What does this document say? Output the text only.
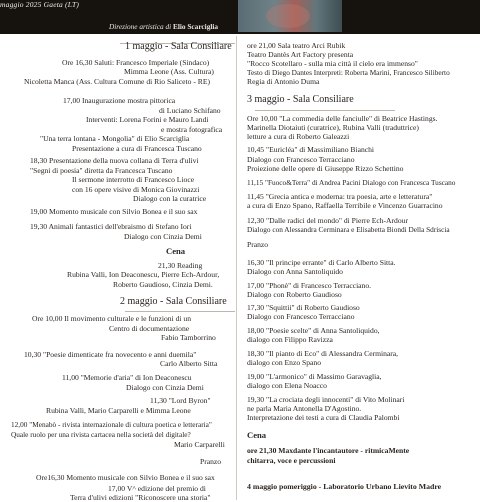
maggio 2025 Gaeta (LT)
Direzione artistica di Elio Scarciglia
1 maggio - Sala Consiliare
Ore 16,30 Saluti: Francesco Imperiale (Sindaco)
Mimma Leone (Ass. Cultura)
Nicoletta Manca (Ass. Cultura Comune di Rio Saliceto - RE)
17,00 Inaugurazione mostra pittorica
di Luciano Schifano
Interventi: Lorena Forini e Mauro Landi
e mostra fotografica
"Una terra lontana - Mongolia" di Elio Scarciglia
Presentazione a cura di Francesca Tuscano
18,30 Presentazione della nuova collana di Terra d'ulivi
"Segni di poesia" diretta da Francesca Tuscano
Il sermone interrotto di Francesco Lioce
con 16 opere visive di Monica Giovinazzi
Dialogo con la curatrice
19,00 Momento musicale con Silvio Bonea e il suo sax
19,30 Animali fantastici dell'ebraismo di Stefano Iori
Dialogo con Cinzia Demi
Cena
21,30 Reading
Rubina Valli, Ion Deaconescu, Pierre Ech-Ardour,
Roberto Gaudioso, Cinzia Demi.
2 maggio - Sala Consiliare
Ore 10,00 Il movimento culturale e le funzioni di un
Centro di documentazione
Fabio Tamborrino
10,30 "Poesie dimenticate fra novecento e anni duemila"
Carlo Alberto Sitta
11,00 "Memorie d'aria" di Ion Deaconescu
Dialogo con Cinzia Demi
11,30 "Lord Byron"
Rubina Valli, Mario Carparelli e Mimma Leone
12,00 "Menabò - rivista internazionale di cultura poetica e letteraria"
Quale ruolo per una rivista cartacea nella società del digitale?
Mario Carparelli
Pranzo
Ore16,30 Momento musicale con Silvio Bonea e il suo sax
17,00 V^ edizione del premio di
Terra d'ulivi edizioni "Riconoscere una storia"
ore 21,00 Sala teatro Arci Rubik
Teatro Dantès Art Factory presenta
"Rocco Scotellaro - sulla mia città il cielo era immenso"
Testo di Diego Dantes Interpreti: Roberta Marini, Francesco Siliberto
Regia di Antonio Duma
3 maggio - Sala Consiliare
Ore 10,00 "La commedia delle fanciulle" di Beatrice Hastings.
Marinella Diotaiuti (curatrice), Rubina Valli (traduttrice)
letture a cura di Roberto Galeazzi
10,45 "Euricléa" di Massimiliano Bianchi
Dialogo con Francesco Terracciano
Proiezione delle opere di Giuseppe Rizzo Schettino
11,15 "Fuoco&Terra" di Andrea Pacini Dialogo con Francesca Tuscano
11,45 "Grecia antica e moderna: tra poesia, arte e letteratura"
a cura di Enzo Spano, Raffaella Terribile e Vincenzo Guarracino
12,30 "Dalle radici del mondo" di Pierre Ech-Ardour
Dialogo con Alessandra Cerminara e Elisabetta Biondi Della Sdriscia
Pranzo
16,30 "Il principe errante" di Carlo Alberto Sitta.
Dialogo con Anna Santoliquido
17,00 "Phonè" di Francesco Terracciano.
Dialogo con Roberto Gaudioso
17,30 "Squittii" di Roberto Gaudioso
Dialogo con Francesco Terracciano
18,00 "Poesie scelte" di Anna Santoliquido,
dialogo con Filippo Ravizza
18,30 "Il pianto di Eco" di Alessandra Cerminara,
dialogo con Enzo Spano
19,00 "L'armonico" di Massimo Garavaglia,
dialogo con Elena Noacco
19,30 "La crociata degli innocenti" di Vito Molinari
ne parla Maria Antonella D'Agostino.
Interpretazione dei testi a cura di Claudia Palombi
Cena
ore 21,30 Maxdante l'incantautore - ritmicaMente
chitarra, voce e percussioni
4 maggio pomeriggio - Laboratorio Urbano Lievito Madre
